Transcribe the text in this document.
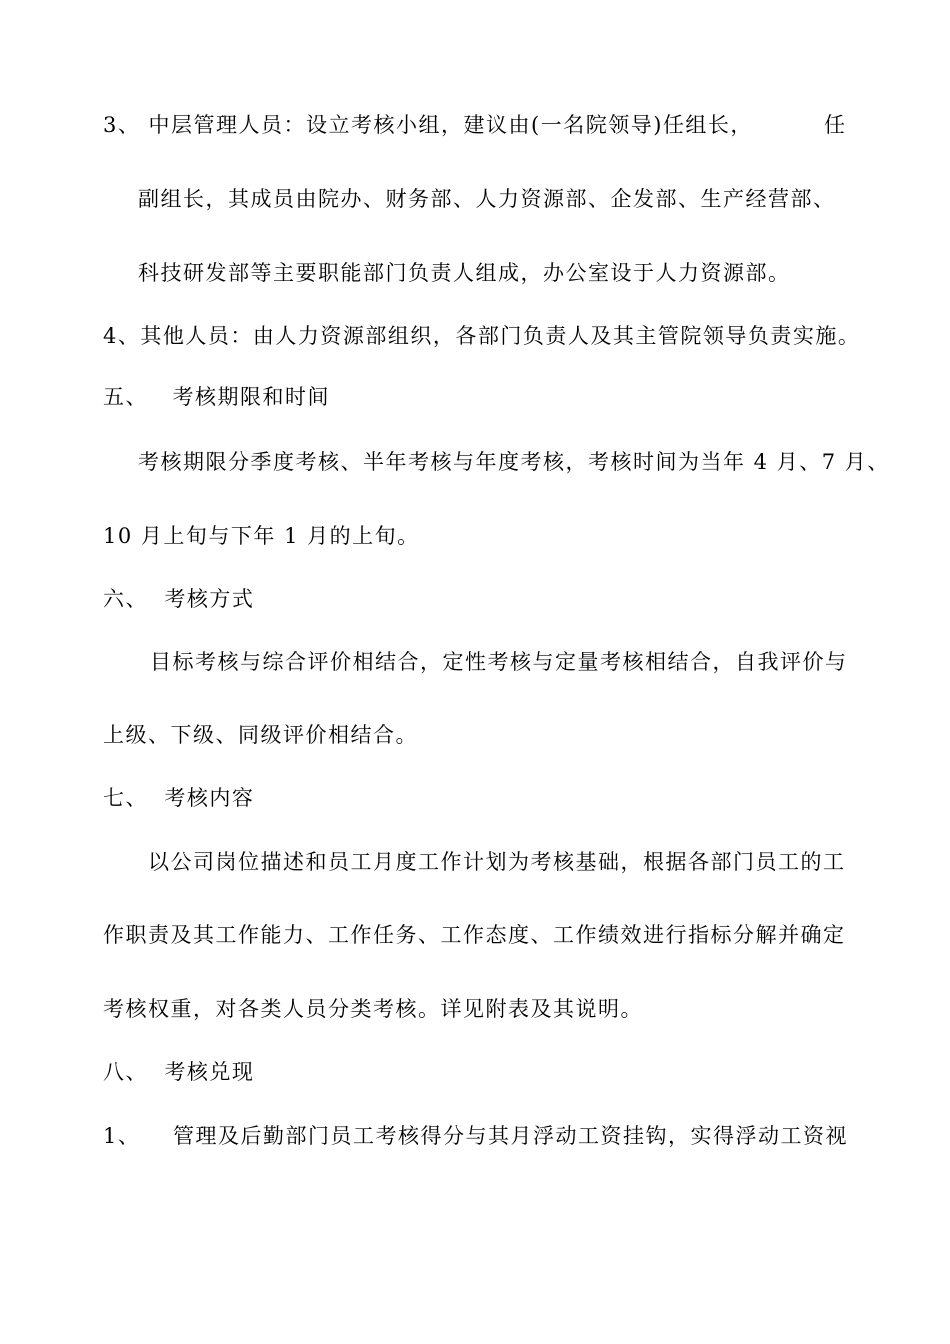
3、 中层管理人员：设立考核小组，建议由(一名院领导)任组长，	任
副组长，其成员由院办、财务部、人力资源部、企发部、生产经营部、
科技研发部等主要职能部门负责人组成，办公室设于人力资源部。
4、其他人员：由人力资源部组织，各部门负责人及其主管院领导负责实施。
五、   考核期限和时间
考核期限分季度考核、半年考核与年度考核，考核时间为当年 4 月、7 月、
10 月上旬与下年 1 月的上旬。
六、  考核方式
目标考核与综合评价相结合，定性考核与定量考核相结合，自我评价与
上级、下级、同级评价相结合。
七、  考核内容
以公司岗位描述和员工月度工作计划为考核基础，根据各部门员工的工
作职责及其工作能力、工作任务、工作态度、工作绩效进行指标分解并确定
考核权重，对各类人员分类考核。详见附表及其说明。
八、  考核兑现
1、    管理及后勤部门员工考核得分与其月浮动工资挂钩，实得浮动工资视
